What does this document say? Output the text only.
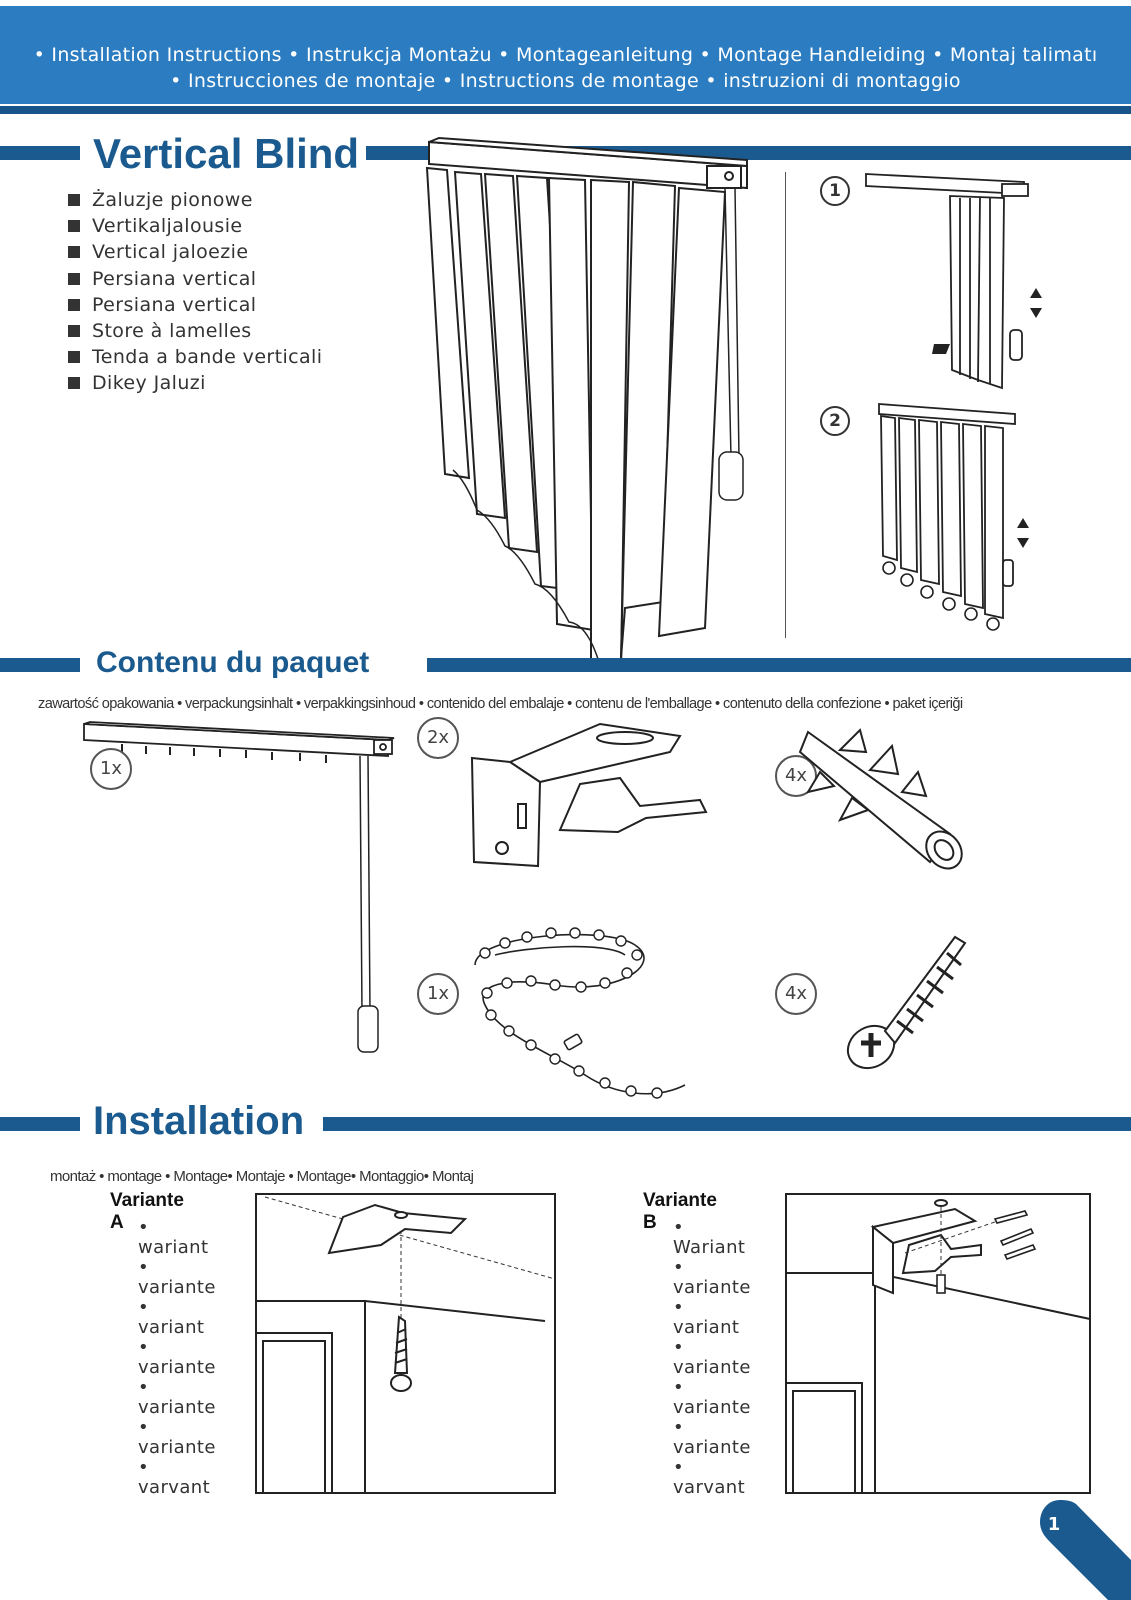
• Installation Instructions • Instrukcja Montażu • Montageanleitung • Montage Handleiding • Montaj talimatı
• Instrucciones de montaje • Instructions de montage • instruzioni di montaggio
Vertical Blind
Żaluzje pionowe
Vertikaljalousie
Vertical jaloezie
Persiana vertical
Persiana vertical
Store à lamelles
Tenda a bande verticali
Dikey Jaluzi
1
2
Contenu du paquet
zawartość opakowania • verpackungsinhalt • verpakkingsinhoud • contenido del embalaje • contenu de l'emballage • contenuto della confezione • paket içeriği
1x
2x
4x
1x	4x
Installation
montaż • montage • Montage• Montaje • Montage• Montaggio• Montaj
Variante A • wariant
• variante
• variant
• variante
• variante
• variante
• varvant
Variante B • Wariant
• variante
• variant
• variante
• variante
• variante
• varvant
1
